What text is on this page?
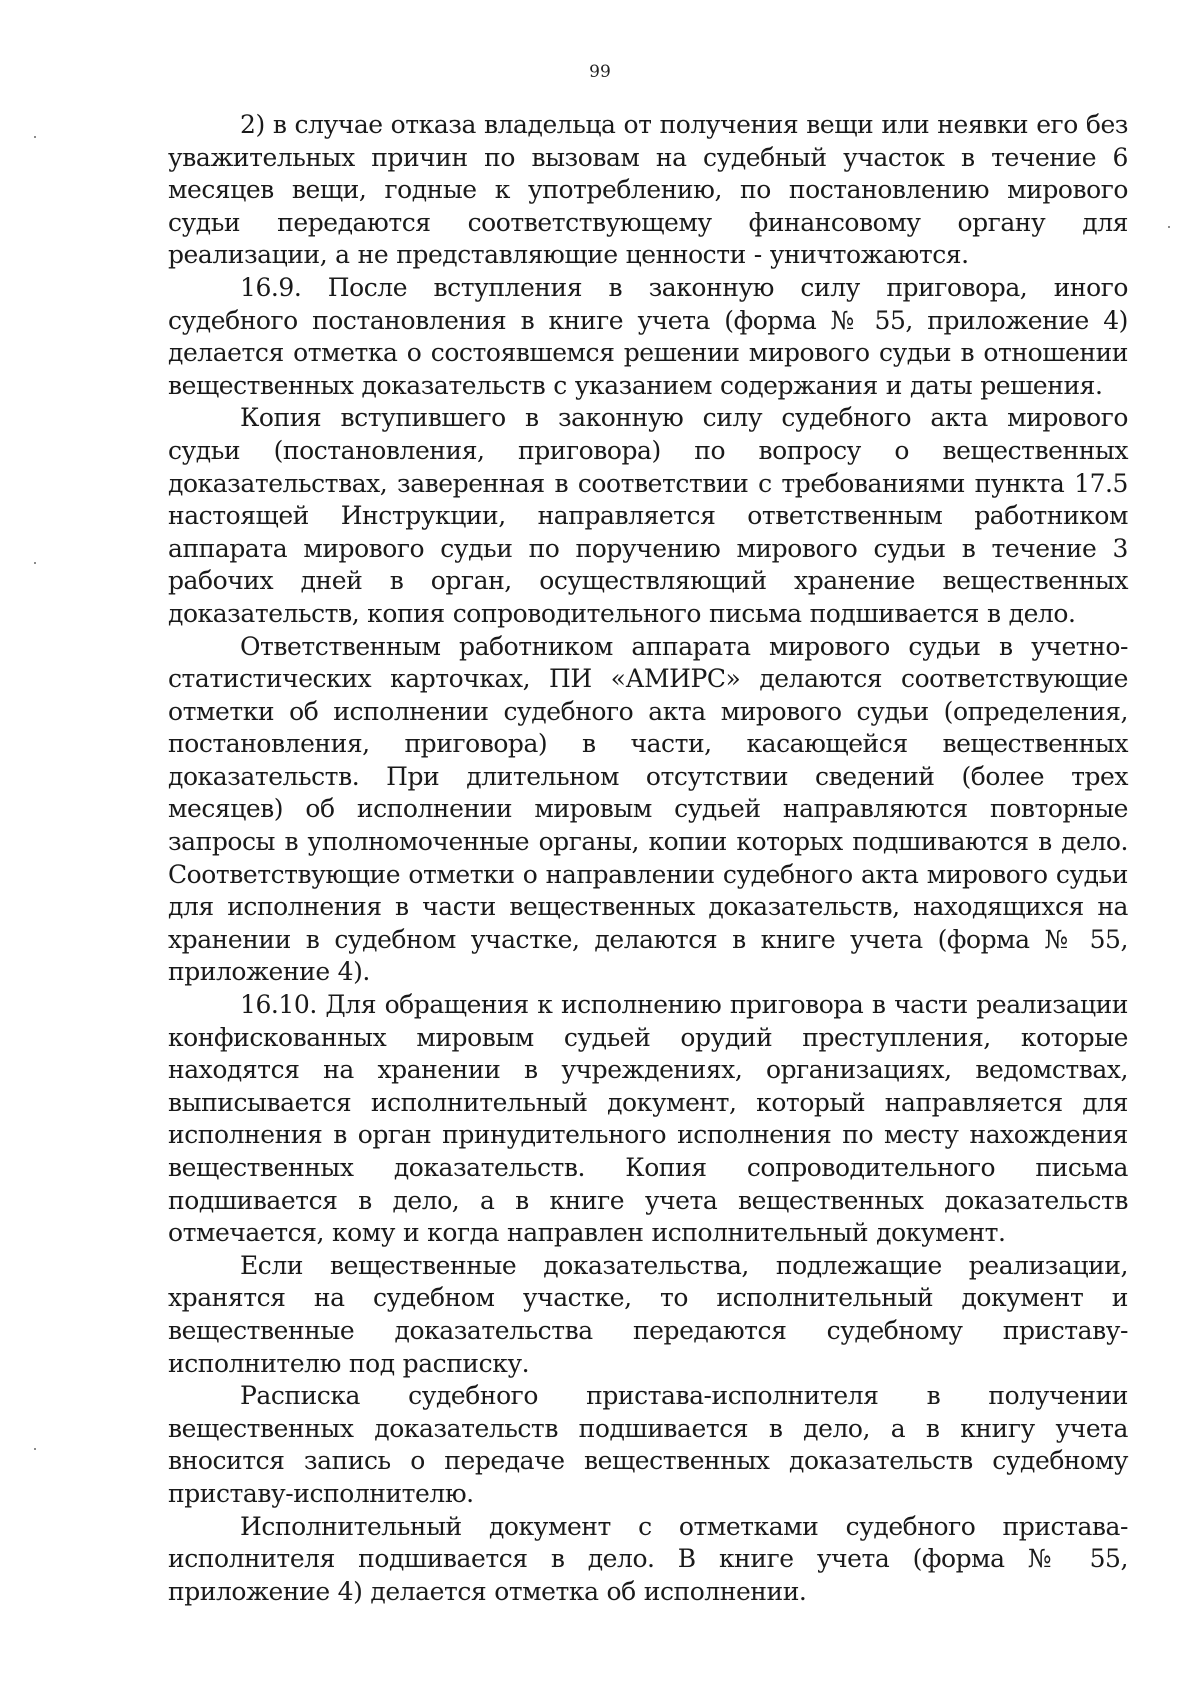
99

2) в случае отказа владельца от получения вещи или неявки его без уважительных причин по вызовам на судебный участок в течение 6 месяцев вещи, годные к употреблению, по постановлению мирового судьи передаются соответствующему финансовому органу для реализации, а не представляющие ценности - уничтожаются.

16.9. После вступления в законную силу приговора, иного судебного постановления в книге учета (форма № 55, приложение 4) делается отметка о состоявшемся решении мирового судьи в отношении вещественных доказательств с указанием содержания и даты решения.

Копия вступившего в законную силу судебного акта мирового судьи (постановления, приговора) по вопросу о вещественных доказательствах, заверенная в соответствии с требованиями пункта 17.5 настоящей Инструкции, направляется ответственным работником аппарата мирового судьи по поручению мирового судьи в течение 3 рабочих дней в орган, осуществляющий хранение вещественных доказательств, копия сопроводительного письма подшивается в дело.

Ответственным работником аппарата мирового судьи в учетно-статистических карточках, ПИ «АМИРС» делаются соответствующие отметки об исполнении судебного акта мирового судьи (определения, постановления, приговора) в части, касающейся вещественных доказательств. При длительном отсутствии сведений (более трех месяцев) об исполнении мировым судьей направляются повторные запросы в уполномоченные органы, копии которых подшиваются в дело. Соответствующие отметки о направлении судебного акта мирового судьи для исполнения в части вещественных доказательств, находящихся на хранении в судебном участке, делаются в книге учета (форма № 55, приложение 4).

16.10. Для обращения к исполнению приговора в части реализации конфискованных мировым судьей орудий преступления, которые находятся на хранении в учреждениях, организациях, ведомствах, выписывается исполнительный документ, который направляется для исполнения в орган принудительного исполнения по месту нахождения вещественных доказательств. Копия сопроводительного письма подшивается в дело, а в книге учета вещественных доказательств отмечается, кому и когда направлен исполнительный документ.

Если вещественные доказательства, подлежащие реализации, хранятся на судебном участке, то исполнительный документ и вещественные доказательства передаются судебному приставу-исполнителю под расписку.

Расписка судебного пристава-исполнителя в получении вещественных доказательств подшивается в дело, а в книгу учета вносится запись о передаче вещественных доказательств судебному приставу-исполнителю.

Исполнительный документ с отметками судебного пристава-исполнителя подшивается в дело. В книге учета (форма № 55, приложение 4) делается отметка об исполнении.
